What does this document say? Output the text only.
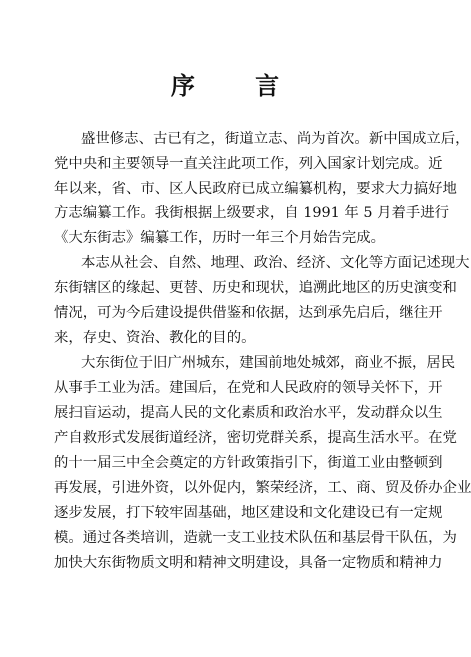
序 言
盛世修志、古已有之，街道立志、尚为首次。新中国成立后，
党中央和主要领导一直关注此项工作，列入国家计划完成。近
年以来，省、市、区人民政府已成立编纂机构，要求大力搞好地
方志编纂工作。我街根据上级要求，自 1991 年 5 月着手进行
《大东街志》编纂工作，历时一年三个月始告完成。
本志从社会、自然、地理、政治、经济、文化等方面记述现大
东街辖区的缘起、更替、历史和现状，追溯此地区的历史演变和
情况，可为今后建设提供借鉴和依据，达到承先启后，继往开
来，存史、资治、教化的目的。
大东街位于旧广州城东，建国前地处城郊，商业不振，居民
从事手工业为活。建国后，在党和人民政府的领导关怀下，开
展扫盲运动，提高人民的文化素质和政治水平，发动群众以生
产自救形式发展街道经济，密切党群关系，提高生活水平。在党
的十一届三中全会奠定的方针政策指引下，街道工业由整顿到
再发展，引进外资，以外促内，繁荣经济，工、商、贸及侨办企业
逐步发展，打下较牢固基础，地区建设和文化建设已有一定规
模。通过各类培训，造就一支工业技术队伍和基层骨干队伍，为
加快大东街物质文明和精神文明建设，具备一定物质和精神力
